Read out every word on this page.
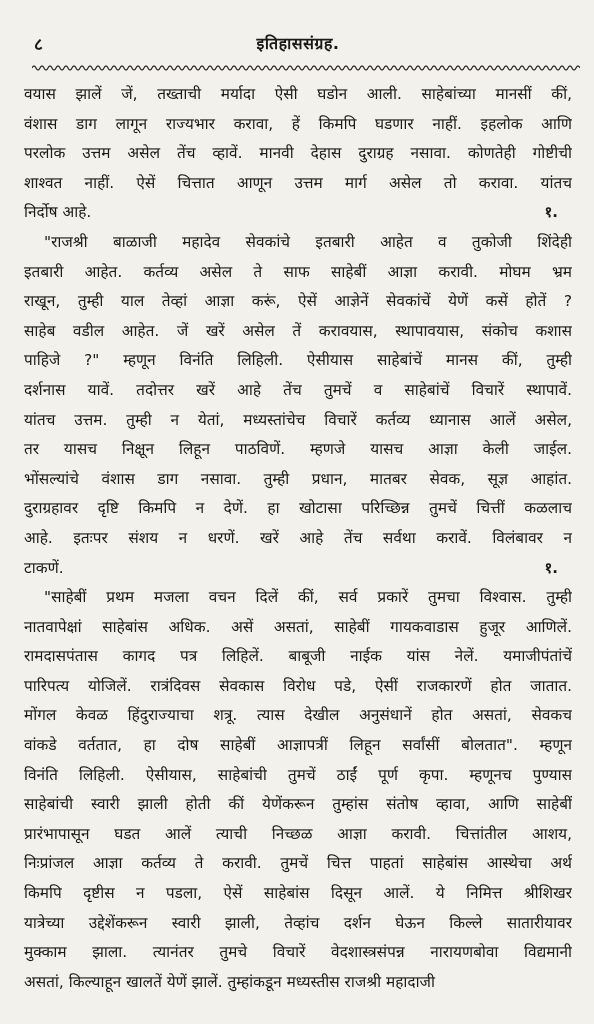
८	इतिहाससंग्रह.
वयास झालें जें, तख्ताची मर्यादा ऐसी घडोन आली. साहेबांच्या मानसीं कीं,
वंशास डाग लागून राज्यभार करावा, हें किमपि घडणार नाहीं. इहलोक आणि
परलोक उत्तम असेल तेंच व्हावें. मानवी देहास दुराग्रह नसावा. कोणतेही गोष्टीची
शाश्वत नाहीं. ऐसें चित्तात आणून उत्तम मार्ग असेल तो करावा. यांतच
निर्दोष आहे.	१.
"राजश्री बाळाजी महादेव सेवकांचे इतबारी आहेत व तुकोजी शिंदेही
इतबारी आहेत. कर्तव्य असेल ते साफ साहेबीं आज्ञा करावी. मोघम भ्रम
राखून, तुम्ही याल तेव्हां आज्ञा करूं, ऐसें आज्ञेनें सेवकांचें येणें कसें होतें ?
साहेब वडील आहेत. जें खरें असेल तें करावयास, स्थापावयास, संकोच कशास
पाहिजे ?" म्हणून विनंति लिहिली. ऐसीयास साहेबांचें मानस कीं, तुम्ही
दर्शनास यावें. तदोत्तर खरें आहे तेंच तुमचें व साहेबांचें विचारें स्थापावें.
यांतच उत्तम. तुम्ही न येतां, मध्यस्तांचेच विचारें कर्तव्य ध्यानास आलें असेल,
तर यासच निक्षून लिहून पाठविणें. म्हणजे यासच आज्ञा केली जाईल.
भोंसल्यांचे वंशास डाग नसावा. तुम्ही प्रधान, मातबर सेवक, सूज्ञ आहांत.
दुराग्रहावर दृष्टि किमपि न देणें. हा खोटासा परिच्छिन्न तुमचें चित्तीं कळलाच
आहे. इतःपर संशय न धरणें. खरें आहे तेंच सर्वथा करावें. विलंबावर न
टाकणें.	१.
"साहेबीं प्रथम मजला वचन दिलें कीं, सर्व प्रकारें तुमचा विश्वास. तुम्ही
नातवापेक्षां साहेबांस अधिक. असें असतां, साहेबीं गायकवाडास हुजूर आणिलें.
रामदासपंतास कागद पत्र लिहिलें. बाबूजी नाईक यांस नेलें. यमाजीपंतांचें
पारिपत्य योजिलें. रात्रंदिवस सेवकास विरोध पडे, ऐसीं राजकारणें होत जातात.
मोंगल केवळ हिंदुराज्याचा शत्रू. त्यास देखील अनुसंधानें होत असतां, सेवकच
वांकडे वर्ततात, हा दोष साहेबीं आज्ञापत्रीं लिहून सर्वांसीं बोलतात". म्हणून
विनंति लिहिली. ऐसीयास, साहेबांची तुमचें ठाईं पूर्ण कृपा. म्हणूनच पुण्यास
साहेबांची स्वारी झाली होती कीं येणेंकरून तुम्हांस संतोष व्हावा, आणि साहेबीं
प्रारंभापासून घडत आलें त्याची निच्छळ आज्ञा करावी. चित्तांतील आशय,
निःप्रांजल आज्ञा कर्तव्य ते करावी. तुमचें चित्त पाहतां साहेबांस आस्थेचा अर्थ
किमपि दृष्टीस न पडला, ऐसें साहेबांस दिसून आलें. ये निमित्त श्रीशिखर
यात्रेच्या उद्देशेंकरून स्वारी झाली, तेव्हांच दर्शन घेऊन किल्ले सातारीयावर
मुक्काम झाला. त्यानंतर तुमचे विचारें वेदशास्त्रसंपन्न नारायणबोवा विद्यमानी
असतां, किल्याहून खालतें येणें झालें. तुम्हांकडून मध्यस्तीस राजश्री महादाजी
